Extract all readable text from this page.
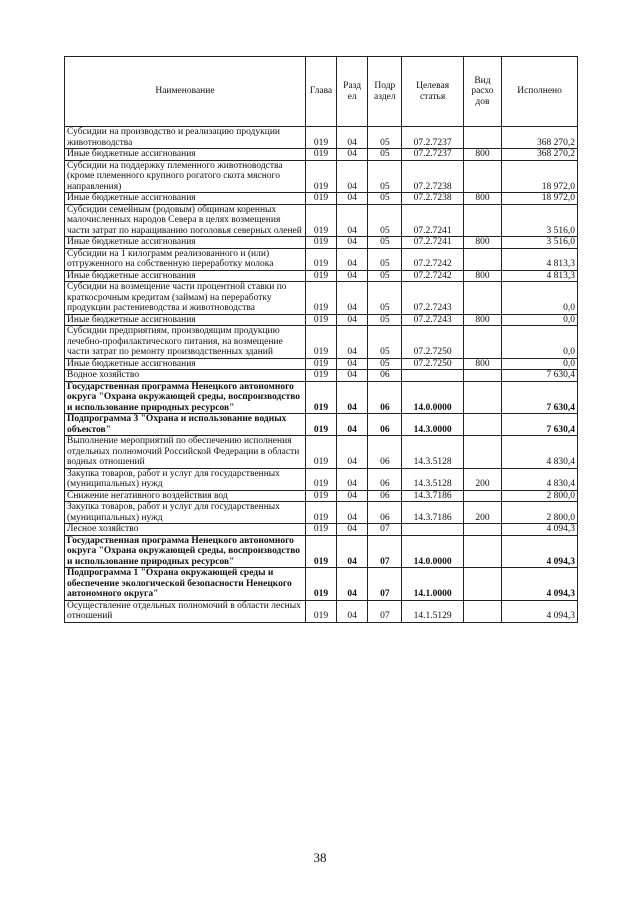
Наименование	Глава	Разд ел	Подр аздел	Целевая статья	Вид расхо дов	Исполнено
Субсидии на производство и реализацию продукции животноводства	019	04	05	07.2.7237		368 270,2
Иные бюджетные ассигнования	019	04	05	07.2.7237	800	368 270,2
Субсидии на поддержку племенного животноводства (кроме племенного крупного рогатого скота мясного направления)	019	04	05	07.2.7238		18 972,0
Иные бюджетные ассигнования	019	04	05	07.2.7238	800	18 972,0
Субсидии семейным (родовым) общинам коренных малочисленных народов Севера в целях возмещения части затрат по наращиванию поголовья северных оленей	019	04	05	07.2.7241		3 516,0
Иные бюджетные ассигнования	019	04	05	07.2.7241	800	3 516,0
Субсидии на 1 килограмм реализованного и (или) отгруженного на собственную переработку молока	019	04	05	07.2.7242		4 813,3
Иные бюджетные ассигнования	019	04	05	07.2.7242	800	4 813,3
Субсидии на возмещение части процентной ставки по краткосрочным кредитам (займам) на переработку продукции растениеводства и животноводства	019	04	05	07.2.7243		0,0
Иные бюджетные ассигнования	019	04	05	07.2.7243	800	0,0
Субсидии предприятиям, производящим продукцию лечебно-профилактического питания, на возмещение части затрат по ремонту производственных зданий	019	04	05	07.2.7250		0,0
Иные бюджетные ассигнования	019	04	05	07.2.7250	800	0,0
Водное хозяйство	019	04	06			7 630,4
Государственная программа Ненецкого автономного округа "Охрана окружающей среды, воспроизводство и использование природных ресурсов"	019	04	06	14.0.0000		7 630,4
Подпрограмма 3 "Охрана и использование водных объектов"	019	04	06	14.3.0000		7 630,4
Выполнение мероприятий по обеспечению исполнения отдельных полномочий Российской Федерации в области водных отношений	019	04	06	14.3.5128		4 830,4
Закупка товаров, работ и услуг для государственных (муниципальных) нужд	019	04	06	14.3.5128	200	4 830,4
Снижение негативного воздействия вод	019	04	06	14.3.7186		2 800,0
Закупка товаров, работ и услуг для государственных (муниципальных) нужд	019	04	06	14.3.7186	200	2 800,0
Лесное хозяйство	019	04	07			4 094,3
Государственная программа Ненецкого автономного округа "Охрана окружающей среды, воспроизводство и использование природных ресурсов"	019	04	07	14.0.0000		4 094,3
Подпрограмма 1 "Охрана окружающей среды и обеспечение экологической безопасности Ненецкого автономного округа"	019	04	07	14.1.0000		4 094,3
Осуществление отдельных полномочий в области лесных отношений	019	04	07	14.1.5129		4 094,3
38
